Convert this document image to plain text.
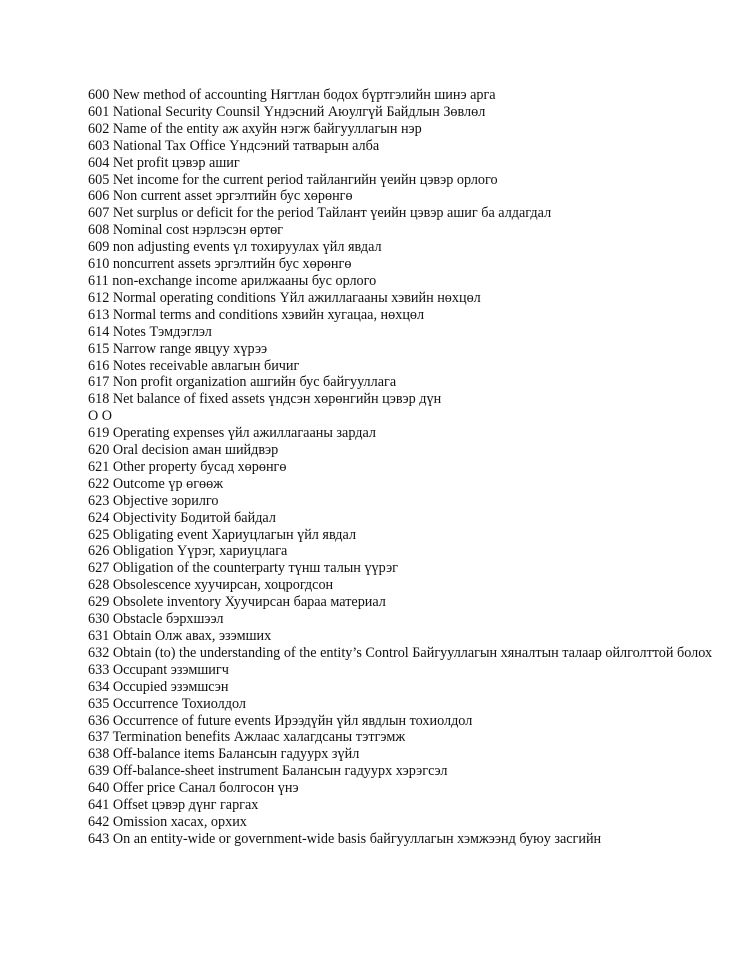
600 New method of accounting Нягтлан бодох бүртгэлийн шинэ арга
601 National Security Counsil Үндэсний Аюулгүй Байдлын Зөвлөл
602 Name of the entity аж ахуйн нэгж байгууллагын нэр
603 National Tax Office Үндсэний татварын алба
604 Net profit цэвэр ашиг
605 Net income for the current period тайлангийн үеийн цэвэр орлого
606 Non current asset эргэлтийн бус хөрөнгө
607 Net surplus or deficit for the period Тайлант үеийн цэвэр ашиг ба алдагдал
608 Nominal cost нэрлэсэн өртөг
609 non adjusting events үл тохируулах үйл явдал
610 noncurrent assets эргэлтийн бус хөрөнгө
611 non-exchange income арилжааны бус орлого
612 Normal operating conditions Үйл ажиллагааны хэвийн нөхцөл
613 Normal terms and conditions хэвийн хугацаа, нөхцөл
614 Notes Тэмдэглэл
615 Narrow range явцуу хүрээ
616 Notes receivable авлагын бичиг
617 Non profit organization ашгийн бус байгууллага
618 Net balance of fixed assets үндсэн хөрөнгийн цэвэр дүн
O O
619 Operating expenses үйл ажиллагааны зардал
620 Oral decision аман шийдвэр
621 Other property бусад хөрөнгө
622 Outcome үр өгөөж
623 Objective зорилго
624 Objectivity Бодитой байдал
625 Obligating event Хариуцлагын үйл явдал
626 Obligation Үүрэг, хариуцлага
627 Obligation of the counterparty түнш талын үүрэг
628 Obsolescence хуучирсан, хоцрогдсон
629 Obsolete inventory Хуучирсан бараа материал
630 Obstacle бэрхшээл
631 Obtain Олж авах, эзэмших
632 Obtain (to) the understanding of the entity’s Control Байгууллагын хяналтын талаар ойлголттой болох
633 Occupant эзэмшигч
634 Occupied эзэмшсэн
635 Occurrence Тохиолдол
636 Occurrence of future events Ирээдүйн үйл явдлын тохиолдол
637 Termination benefits Ажлаас халагдсаны тэтгэмж
638 Off-balance items Балансын гадуурх зүйл
639 Off-balance-sheet instrument Балансын гадуурх хэрэгсэл
640 Offer price Санал болгосон үнэ
641 Offset цэвэр дүнг гаргах
642 Omission хасах, орхих
643 On an entity-wide or government-wide basis байгууллагын хэмжээнд буюу засгийн
